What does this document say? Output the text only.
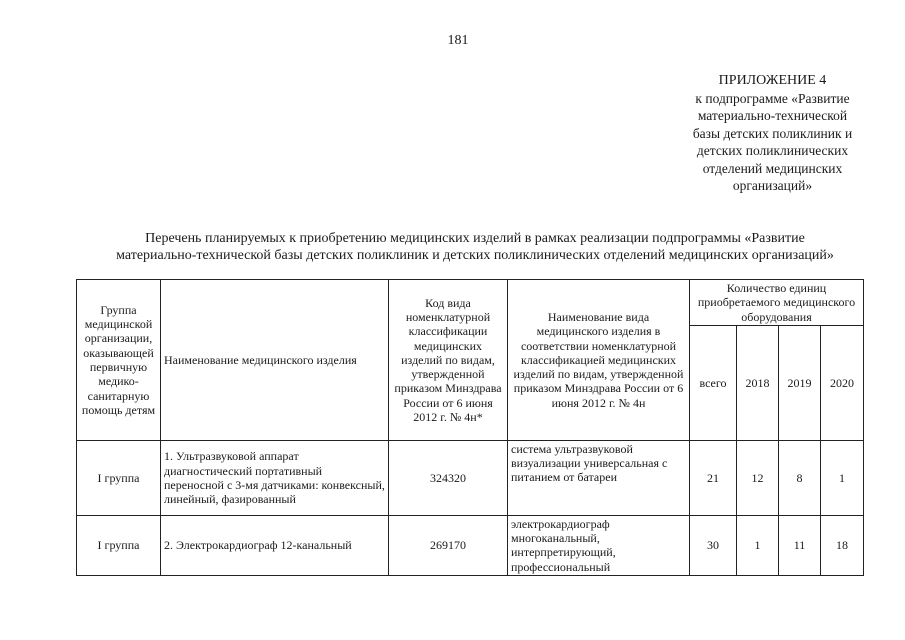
181
ПРИЛОЖЕНИЕ 4
к подпрограмме «Развитие
материально-технической
базы детских поликлиник и
детских поликлинических
отделений медицинских
организаций»
Перечень планируемых к приобретению медицинских изделий в рамках реализации подпрограммы «Развитие
материально-технической базы детских поликлиник и детских поликлинических отделений медицинских организаций»
Группа медицинской организации, оказывающей первичную медико-санитарную помощь детям	Наименование медицинского изделия	Код вида номенклатурной классификации медицинских изделий по видам, утвержденной приказом Минздрава России от 6 июня 2012 г. № 4н*	Наименование вида медицинского изделия в соответствии номенклатурной классификацией медицинских изделий по видам, утвержденной приказом Минздрава России от 6 июня 2012 г. № 4н	Количество единиц приобретаемого медицинского оборудования			
				всего	2018	2019	2020
I группа	1. Ультразвуковой аппарат диагностический портативный переносной с 3-мя датчиками: конвексный, линейный, фазированный	324320	система ультразвуковой визуализации универсальная с питанием от батареи	21	12	8	1
I группа	2. Электрокардиограф 12-канальный	269170	электрокардиограф многоканальный, интерпретирующий, профессиональный	30	1	11	18
